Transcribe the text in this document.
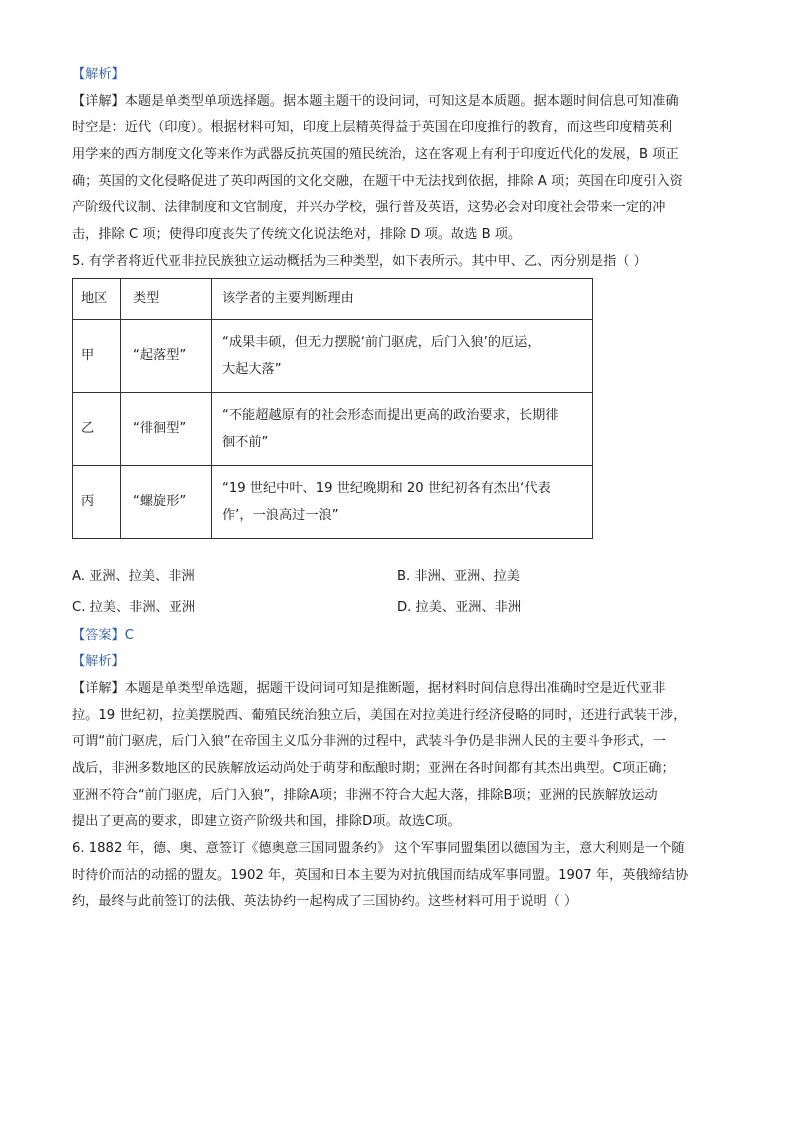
【解析】
【详解】本题是单类型单项选择题。据本题主题干的设问词，可知这是本质题。据本题时间信息可知准确
时空是：近代（印度）。根据材料可知，印度上层精英得益于英国在印度推行的教育，而这些印度精英利
用学来的西方制度文化等来作为武器反抗英国的殖民统治，这在客观上有利于印度近代化的发展，B 项正
确；英国的文化侵略促进了英印两国的文化交融，在题干中无法找到依据，排除 A 项；英国在印度引入资
产阶级代议制、法律制度和文官制度，并兴办学校，强行普及英语，这势必会对印度社会带来一定的冲
击，排除 C 项；使得印度丧失了传统文化说法绝对，排除 D 项。故选 B 项。
5. 有学者将近代亚非拉民族独立运动概括为三种类型，如下表所示。其中甲、乙、丙分别是指（ ）
地区	类型	该学者的主要判断理由
甲	“起落型”	“成果丰硕，但无力摆脱‘前门驱虎，后门入狼’的厄运，
大起大落”

乙	“徘徊型”	“不能超越原有的社会形态而提出更高的政治要求，长期徘
徊不前”

丙	“螺旋形”	“19 世纪中叶、19 世纪晚期和 20 世纪初各有杰出‘代表
作’，一浪高过一浪”
A. 亚洲、拉美、非洲	B. 非洲、亚洲、拉美
C. 拉美、非洲、亚洲	D. 拉美、亚洲、非洲
【答案】C
【解析】
【详解】本题是单类型单选题，据题干设问词可知是推断题，据材料时间信息得出准确时空是近代亚非
拉。19 世纪初，拉美摆脱西、葡殖民统治独立后，美国在对拉美进行经济侵略的同时，还进行武装干涉，
可谓“前门驱虎，后门入狼”在帝国主义瓜分非洲的过程中，武装斗争仍是非洲人民的主要斗争形式，一
战后，非洲多数地区的民族解放运动尚处于萌芽和酝酿时期；亚洲在各时间都有其杰出典型。C项正确；
亚洲不符合“前门驱虎，后门入狼”，排除A项；非洲不符合大起大落，排除B项；亚洲的民族解放运动
提出了更高的要求，即建立资产阶级共和国，排除D项。故选C项。
6. 1882 年，德、奥、意签订《德奥意三国同盟条约》 这个军事同盟集团以德国为主，意大利则是一个随
时待价而沽的动摇的盟友。1902 年，英国和日本主要为对抗俄国而结成军事同盟。1907 年，英俄缔结协
约，最终与此前签订的法俄、英法协约一起构成了三国协约。这些材料可用于说明（ ）
